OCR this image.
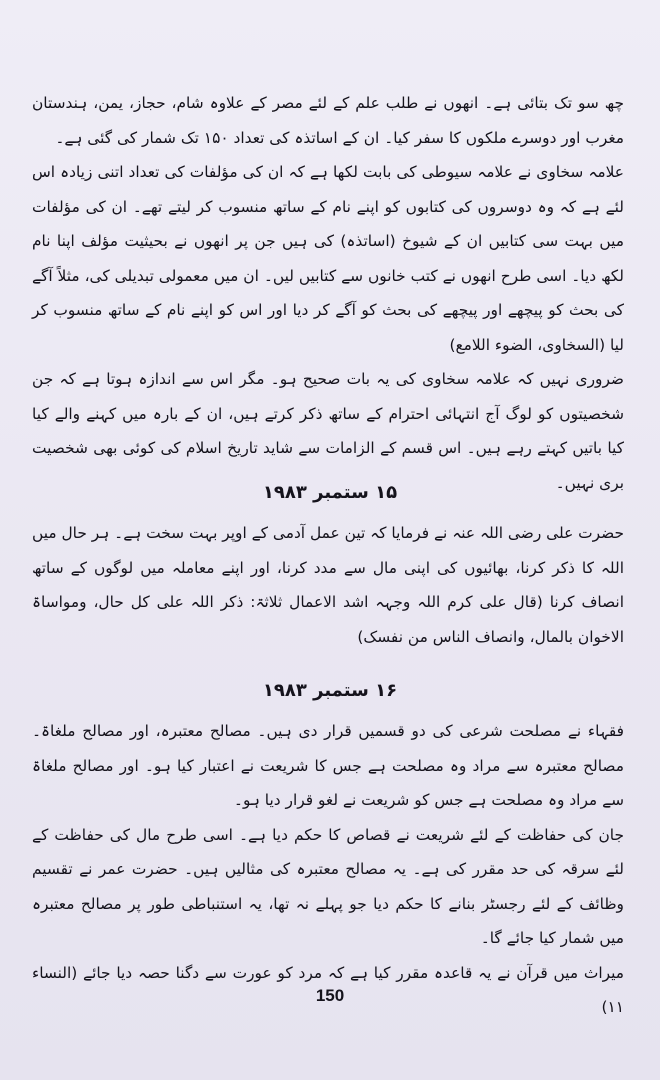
چھ سو تک بتائی ہے۔ انھوں نے طلب علم کے لئے مصر کے علاوہ شام، حجاز، یمن، ہندستان مغرب اور دوسرے ملکوں کا سفر کیا۔ ان کے اساتذہ کی تعداد ۱۵۰ تک شمار کی گئی ہے۔

علامہ سخاوی نے علامہ سیوطی کی بابت لکھا ہے کہ ان کی مؤلفات کی تعداد اتنی زیادہ اس لئے ہے کہ وہ دوسروں کی کتابوں کو اپنے نام کے ساتھ منسوب کر لیتے تھے۔ ان کی مؤلفات میں بہت سی کتابیں ان کے شیوخ (اساتذہ) کی ہیں جن پر انھوں نے بحیثیت مؤلف اپنا نام لکھ دیا۔ اسی طرح انھوں نے کتب خانوں سے کتابیں لیں۔ ان میں معمولی تبدیلی کی، مثلاً آگے کی بحث کو پیچھے اور پیچھے کی بحث کو آگے کر دیا اور اس کو اپنے نام کے ساتھ منسوب کر لیا (السخاوی، الضوء اللامع)

ضروری نہیں کہ علامہ سخاوی کی یہ بات صحیح ہو۔ مگر اس سے اندازہ ہوتا ہے کہ جن شخصیتوں کو لوگ آج انتہائی احترام کے ساتھ ذکر کرتے ہیں، ان کے بارہ میں کہنے والے کیا کیا باتیں کہتے رہے ہیں۔ اس قسم کے الزامات سے شاید تاریخ اسلام کی کوئی بھی شخصیت بری نہیں۔

۱۵ ستمبر ۱۹۸۳

حضرت علی رضی اللہ عنہ نے فرمایا کہ تین عمل آدمی کے اوپر بہت سخت ہے۔ ہر حال میں اللہ کا ذکر کرنا، بھائیوں کی اپنی مال سے مدد کرنا، اور اپنے معاملہ میں لوگوں کے ساتھ انصاف کرنا (قال علی کرم اللہ وجہہ اشد الاعمال ثلاثۃ: ذکر اللہ علی کل حال، ومواساۃ الاخوان بالمال، وانصاف الناس من نفسک)

۱۶ ستمبر ۱۹۸۳

فقہاء نے مصلحت شرعی کی دو قسمیں قرار دی ہیں۔ مصالح معتبرہ، اور مصالح ملغاۃ۔ مصالح معتبرہ سے مراد وہ مصلحت ہے جس کا شریعت نے اعتبار کیا ہو۔ اور مصالح ملغاۃ سے مراد وہ مصلحت ہے جس کو شریعت نے لغو قرار دیا ہو۔

جان کی حفاظت کے لئے شریعت نے قصاص کا حکم دیا ہے۔ اسی طرح مال کی حفاظت کے لئے سرقہ کی حد مقرر کی ہے۔ یہ مصالح معتبرہ کی مثالیں ہیں۔ حضرت عمر نے تقسیم وظائف کے لئے رجسٹر بنانے کا حکم دیا جو پہلے نہ تھا، یہ استنباطی طور پر مصالح معتبرہ میں شمار کیا جائے گا۔

میراث میں قرآن نے یہ قاعدہ مقرر کیا ہے کہ مرد کو عورت سے دگنا حصہ دیا جائے (النساء ۱۱)

150
